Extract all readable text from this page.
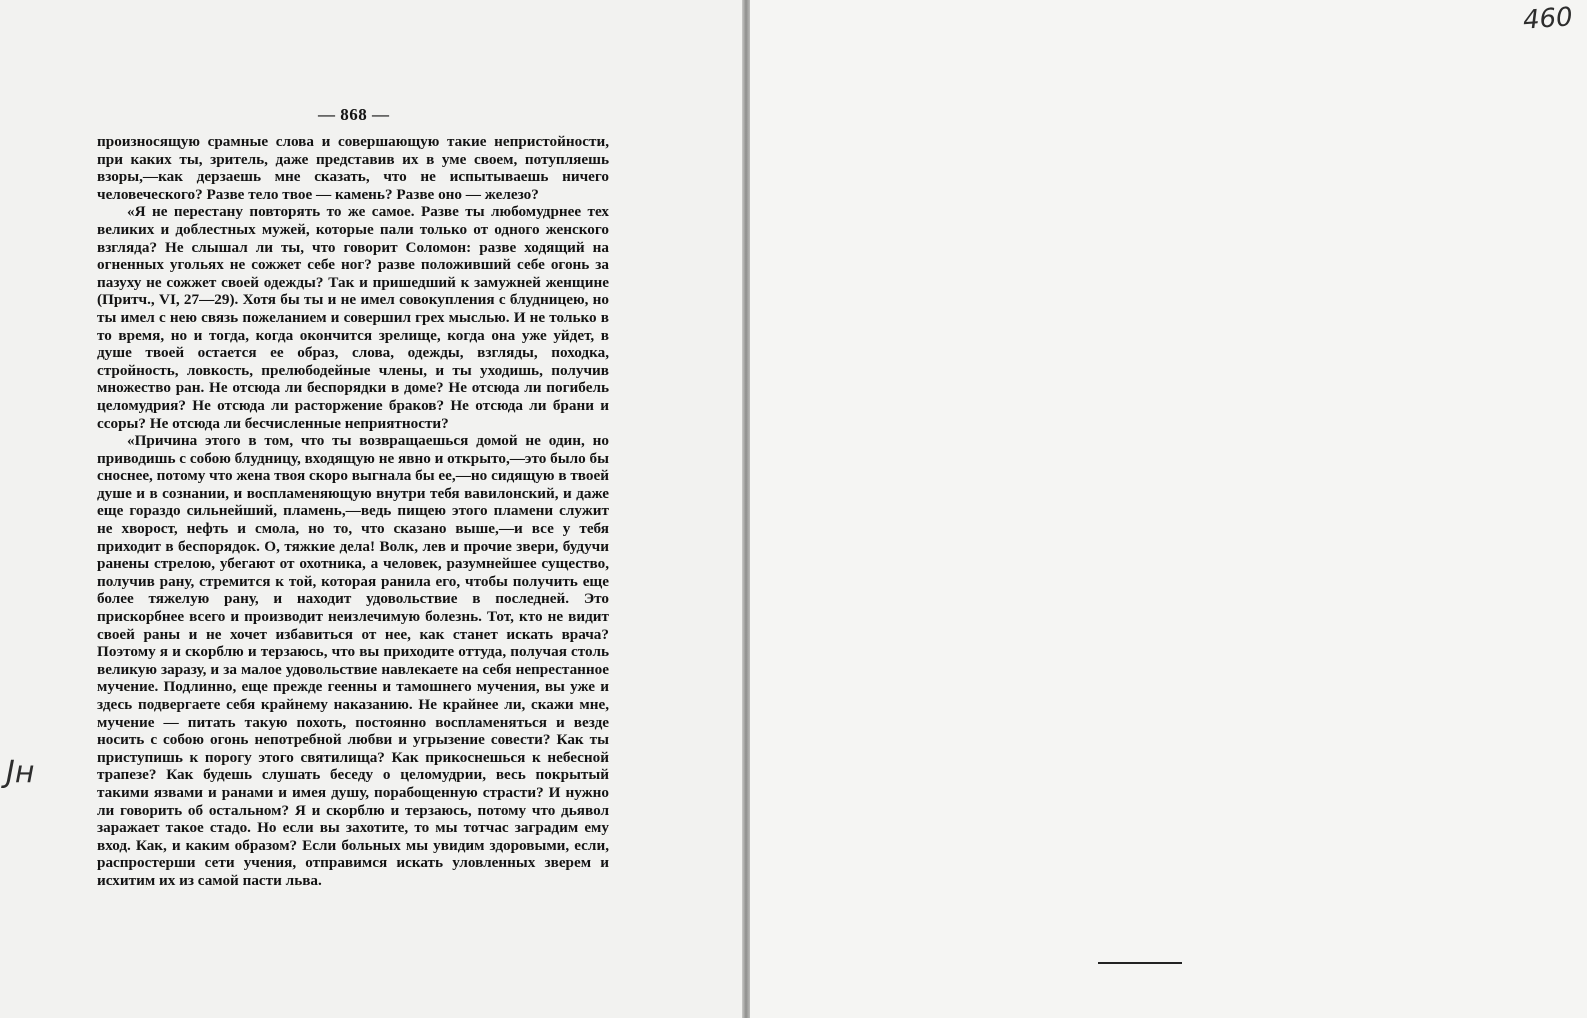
— 868 —

произносящую срамные слова и совершающую такие непристойности, при каких ты, зритель, даже представив их в уме своем, потупляешь взоры,—как дерзаешь мне сказать, что не испытываешь ничего человеческого? Разве тело твое — камень? Разве оно — железо?

«Я не перестану повторять то же самое. Разве ты любомудрнее тех великих и доблестных мужей, которые пали только от одного женского взгляда? Не слышал ли ты, что говорит Соломон: разве ходящий на огненных угольях не сожжет себе ног? разве положивший себе огонь за пазуху не сожжет своей одежды? Так и пришедший к замужней женщине (Притч., VI, 27—29). Хотя бы ты и не имел совокупления с блудницею, но ты имел с нею связь пожеланием и совершил грех мыслью. И не только в то время, но и тогда, когда окончится зрелище, когда она уже уйдет, в душе твоей остается ее образ, слова, одежды, взгляды, походка, стройность, ловкость, прелюбодейные члены, и ты уходишь, получив множество ран. Не отсюда ли беспорядки в доме? Не отсюда ли погибель целомудрия? Не отсюда ли расторжение браков? Не отсюда ли брани и ссоры? Не отсюда ли бесчисленные неприятности?

«Причина этого в том, что ты возвращаешься домой не один, но приводишь с собою блудницу, входящую не явно и открыто,—это было бы сноснее, потому что жена твоя скоро выгнала бы ее,—но сидящую в твоей душе и в сознании, и воспламеняющую внутри тебя вавилонский, и даже еще гораздо сильнейший, пламень,—ведь пищею этого пламени служит не хворост, нефть и смола, но то, что сказано выше,—и все у тебя приходит в беспорядок. О, тяжкие дела! Волк, лев и прочие звери, будучи ранены стрелою, убегают от охотника, а человек, разумнейшее существо, получив рану, стремится к той, которая ранила его, чтобы получить еще более тяжелую рану, и находит удовольствие в последней. Это прискорбнее всего и производит неизлечимую болезнь. Тот, кто не видит своей раны и не хочет избавиться от нее, как станет искать врача? Поэтому я и скорблю и терзаюсь, что вы приходите оттуда, получая столь великую заразу, и за малое удовольствие навлекаете на себя непрестанное мучение. Подлинно, еще прежде геенны и тамошнего мучения, вы уже и здесь подвергаете себя крайнему наказанию. Не крайнее ли, скажи мне, мучение — питать такую похоть, постоянно воспламеняться и везде носить с собою огонь непотребной любви и угрызение совести? Как ты приступишь к порогу этого святилища? Как прикоснешься к небесной трапезе? Как будешь слушать беседу о целомудрии, весь покрытый такими язвами и ранами и имея душу, порабощенную страсти? И нужно ли говорить об остальном? Я и скорблю и терзаюсь, потому что дьявол заражает такое стадо. Но если вы захотите, то мы тотчас заградим ему вход. Как, и каким образом? Если больных мы увидим здоровыми, если, распростерши сети учения, отправимся искать уловленных зверем и исхитим их из самой пасти льва.

Jн

460
